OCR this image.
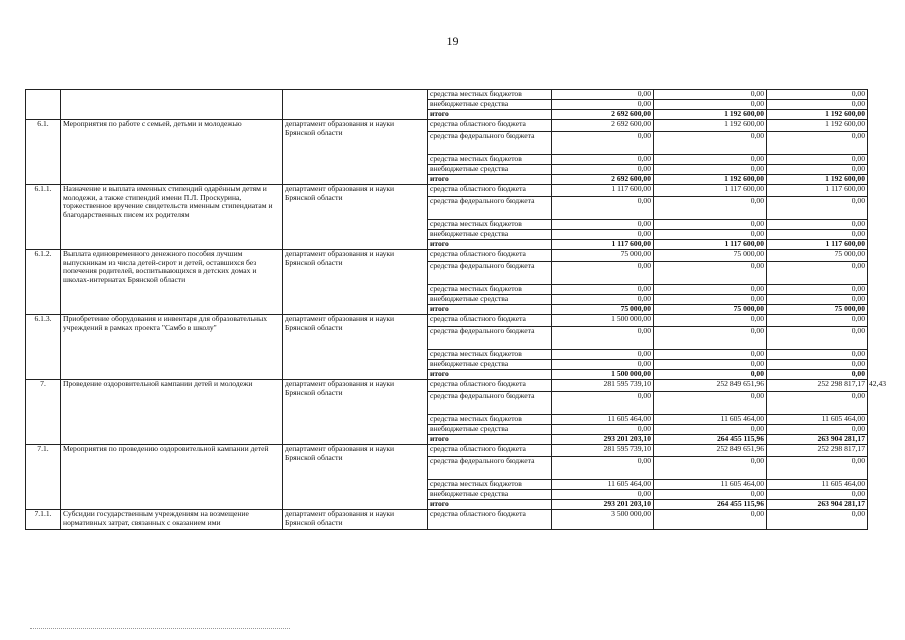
19
			средства местных бюджетов	0,00	0,00	0,00	
			внебюджетные средства	0,00	0,00	0,00	
			итого	2 692 600,00	1 192 600,00	1 192 600,00	
6.1.	Мероприятия по работе с семьей, детьми и молодежью	департамент образования и науки Брянской области	средства областного бюджета	2 692 600,00	1 192 600,00	1 192 600,00	
			средства федерального бюджета	0,00	0,00	0,00	
			средства местных бюджетов	0,00	0,00	0,00	
			внебюджетные средства	0,00	0,00	0,00	
			итого	2 692 600,00	1 192 600,00	1 192 600,00	
6.1.1.	Назначение и выплата именных стипендий одарённым детям и молодежи, а также стипендий имени П.Л. Проскурина, торжественное вручение свидетельств именным стипендиатам и благодарственных писем их родителям	департамент образования и науки Брянской области	средства областного бюджета	1 117 600,00	1 117 600,00	1 117 600,00	
			средства федерального бюджета	0,00	0,00	0,00	
			средства местных бюджетов	0,00	0,00	0,00	
			внебюджетные средства	0,00	0,00	0,00	
			итого	1 117 600,00	1 117 600,00	1 117 600,00	
6.1.2.	Выплата единовременного денежного пособия лучшим выпускникам из числа детей-сирот и детей, оставшихся без попечения родителей, воспитывающихся в детских домах и школах-интернатах Брянской области	департамент образования и науки Брянской области	средства областного бюджета	75 000,00	75 000,00	75 000,00	
			средства федерального бюджета	0,00	0,00	0,00	
			средства местных бюджетов	0,00	0,00	0,00	
			внебюджетные средства	0,00	0,00	0,00	
			итого	75 000,00	75 000,00	75 000,00	
6.1.3.	Приобретение оборудования и инвентаря для образовательных учреждений в рамках проекта "Самбо в школу"	департамент образования и науки Брянской области	средства областного бюджета	1 500 000,00	0,00	0,00	
			средства федерального бюджета	0,00	0,00	0,00	
			средства местных бюджетов	0,00	0,00	0,00	
			внебюджетные средства	0,00	0,00	0,00	
			итого	1 500 000,00	0,00	0,00	
7.	Проведение оздоровительной кампании детей и молодежи	департамент образования и науки Брянской области	средства областного бюджета	281 595 739,10	252 849 651,96	252 298 817,17	42,43
			средства федерального бюджета	0,00	0,00	0,00	
			средства местных бюджетов	11 605 464,00	11 605 464,00	11 605 464,00	
			внебюджетные средства	0,00	0,00	0,00	
			итого	293 201 203,10	264 455 115,96	263 904 281,17	
7.1.	Мероприятия по проведению оздоровительной кампании детей	департамент образования и науки Брянской области	средства областного бюджета	281 595 739,10	252 849 651,96	252 298 817,17	
			средства федерального бюджета	0,00	0,00	0,00	
			средства местных бюджетов	11 605 464,00	11 605 464,00	11 605 464,00	
			внебюджетные средства	0,00	0,00	0,00	
			итого	293 201 203,10	264 455 115,96	263 904 281,17	
7.1.1.	Субсидии государственным учреждениям на возмещение нормативных затрат, связанных с оказанием ими	департамент образования и науки Брянской области	средства областного бюджета	3 500 000,00	0,00	0,00	
